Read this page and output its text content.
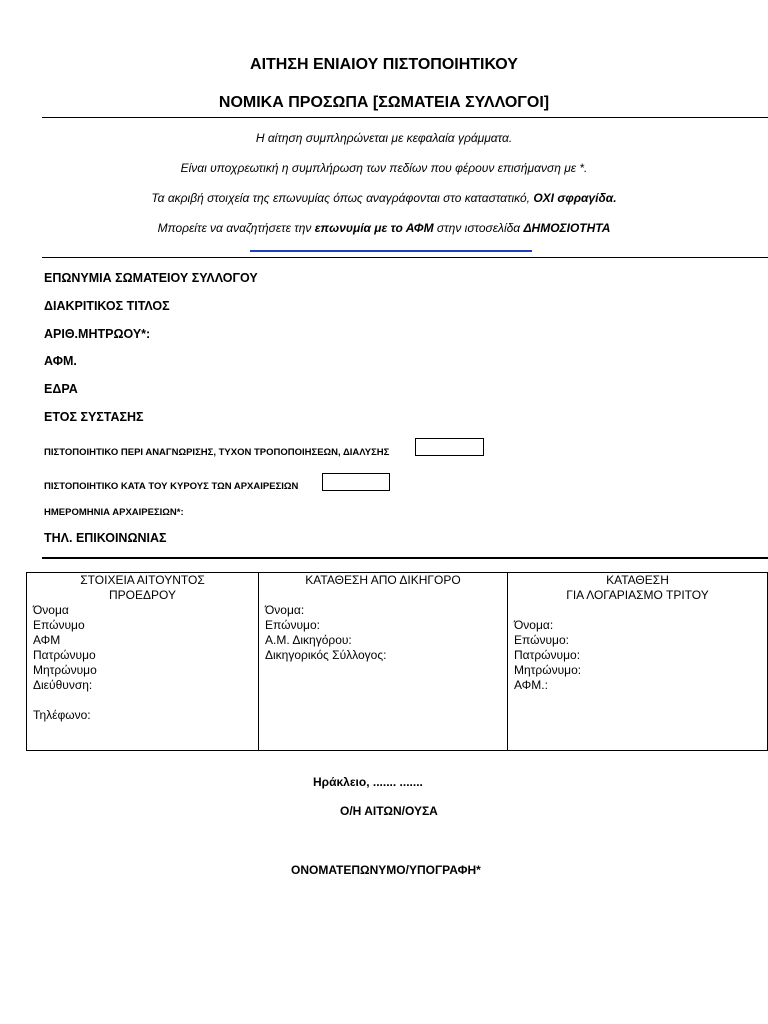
ΑΙΤΗΣΗ ΕΝΙΑΙΟΥ ΠΙΣΤΟΠΟΙΗΤΙΚΟΥ
ΝΟΜΙΚΑ ΠΡΟΣΩΠΑ [ΣΩΜΑΤΕΙΑ ΣΥΛΛΟΓΟΙ]
Η αίτηση συμπληρώνεται με κεφαλαία γράμματα.
Είναι υποχρεωτική η συμπλήρωση των πεδίων που φέρουν επισήμανση με *.
Τα ακριβή στοιχεία της επωνυμίας όπως αναγράφονται στο καταστατικό, ΟΧΙ σφραγίδα.
Μπορείτε να αναζητήσετε την επωνυμία με το ΑΦΜ στην ιστοσελίδα ΔΗΜΟΣΙΟΤΗΤΑ
ΕΠΩΝΥΜΙΑ ΣΩΜΑΤΕΙΟΥ ΣΥΛΛΟΓΟΥ
ΔΙΑΚΡΙΤΙΚΟΣ ΤΙΤΛΟΣ
ΑΡΙΘ.ΜΗΤΡΩΟΥ*:
ΑΦΜ.
ΕΔΡΑ
ΕΤΟΣ ΣΥΣΤΑΣΗΣ
ΠΙΣΤΟΠΟΙΗΤΙΚΟ ΠΕΡΙ ΑΝΑΓΝΩΡΙΣΗΣ, ΤΥΧΟΝ ΤΡΟΠΟΠΟΙΗΣΕΩΝ, ΔΙΑΛΥΣΗΣ
ΠΙΣΤΟΠΟΙΗΤΙΚΟ ΚΑΤΑ ΤΟΥ ΚΥΡΟΥΣ ΤΩΝ ΑΡΧΑΙΡΕΣΙΩΝ
ΗΜΕΡΟΜΗΝΙΑ ΑΡΧΑΙΡΕΣΙΩΝ*:
ΤΗΛ. ΕΠΙΚΟΙΝΩΝΙΑΣ
ΣΤΟΙΧΕΙΑ ΑΙΤΟΥΝΤΟΣ
ΠΡΟΕΔΡΟΥ
Όνομα
Επώνυμο
ΑΦΜ
Πατρώνυμο
Μητρώνυμο
Διεύθυνση:
Τηλέφωνο:

ΚΑΤΑΘΕΣΗ ΑΠΟ ΔΙΚΗΓΟΡΟ
Όνομα:
Επώνυμο:
Α.Μ. Δικηγόρου:
Δικηγορικός Σύλλογος:

ΚΑΤΑΘΕΣΗ
ΓΙΑ ΛΟΓΑΡΙΑΣΜΟ ΤΡΙΤΟΥ
Όνομα:
Επώνυμο:
Πατρώνυμο:
Μητρώνυμο:
ΑΦΜ.:
Ηράκλειο, ....... .......
Ο/Η ΑΙΤΩΝ/ΟΥΣΑ
ΟΝΟΜΑΤΕΠΩΝΥΜΟ/ΥΠΟΓΡΑΦΗ*
